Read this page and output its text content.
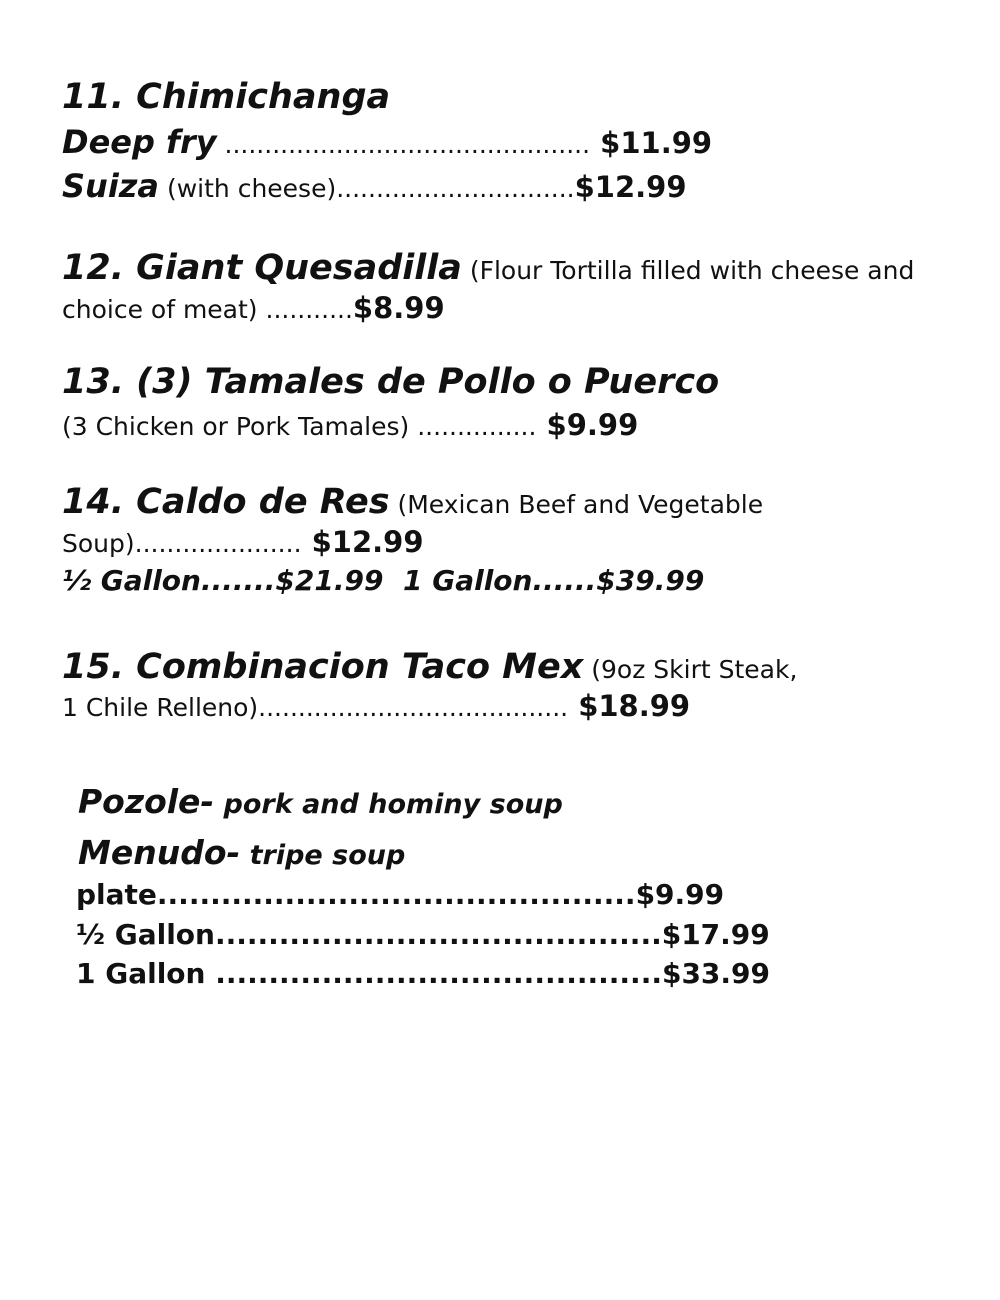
11. Chimichanga
Deep fry .............................................. $11.99
Suiza (with cheese)..............................$12.99
12. Giant Quesadilla (Flour Tortilla filled with cheese and
choice of meat) ...........$8.99
13. (3) Tamales de Pollo o Puerco
(3 Chicken or Pork Tamales) ............... $9.99
14. Caldo de Res (Mexican Beef and Vegetable
Soup)..................... $12.99
½ Gallon.......$21.99 1 Gallon......$39.99
15. Combinacion Taco Mex (9oz Skirt Steak,
1 Chile Relleno)....................................... $18.99
Pozole- pork and hominy soup
Menudo- tripe soup
plate.............................................$9.99
½ Gallon..........................................$17.99
1 Gallon ..........................................$33.99
